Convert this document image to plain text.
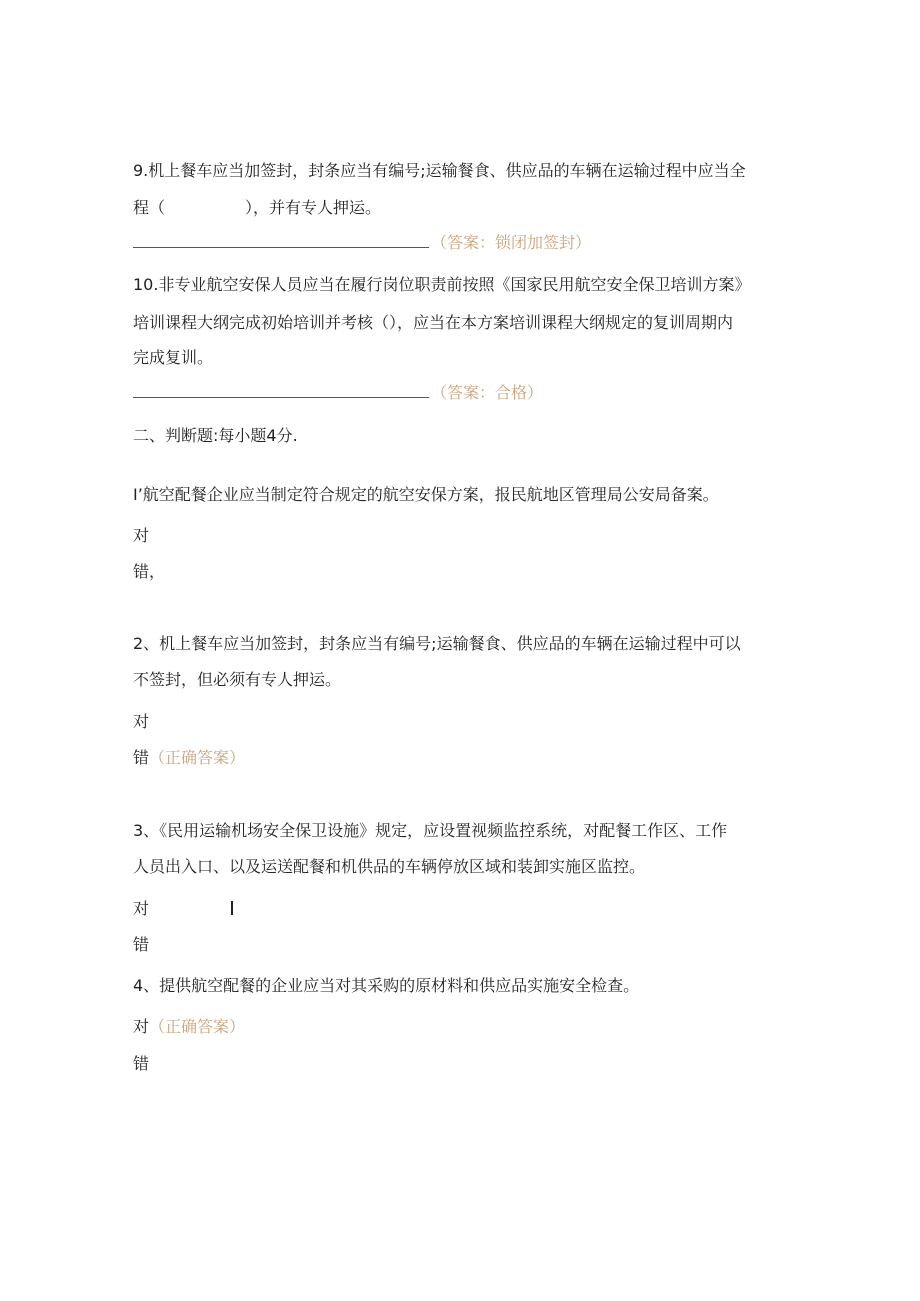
9.机上餐车应当加签封，封条应当有编号;运输餐食、供应品的车辆在运输过程中应当全
程（　　　　　），并有专人押运。
（答案：锁闭加签封）
10.非专业航空安保人员应当在履行岗位职责前按照《国家民用航空安全保卫培训方案》
培训课程大纲完成初始培训并考核（），应当在本方案培训课程大纲规定的复训周期内
完成复训。
（答案：合格）
二、判断题:每小题4分.
I’航空配餐企业应当制定符合规定的航空安保方案，报民航地区管理局公安局备案。
对
错，
2、机上餐车应当加签封，封条应当有编号;运输餐食、供应品的车辆在运输过程中可以
不签封，但必须有专人押运。
对
错（正确答案）
3、《民用运输机场安全保卫设施》规定，应设置视频监控系统，对配餐工作区、工作
人员出入口、以及运送配餐和机供品的车辆停放区域和装卸实施区监控。
对
错
4、提供航空配餐的企业应当对其采购的原材料和供应品实施安全检查。
对（正确答案）
错
